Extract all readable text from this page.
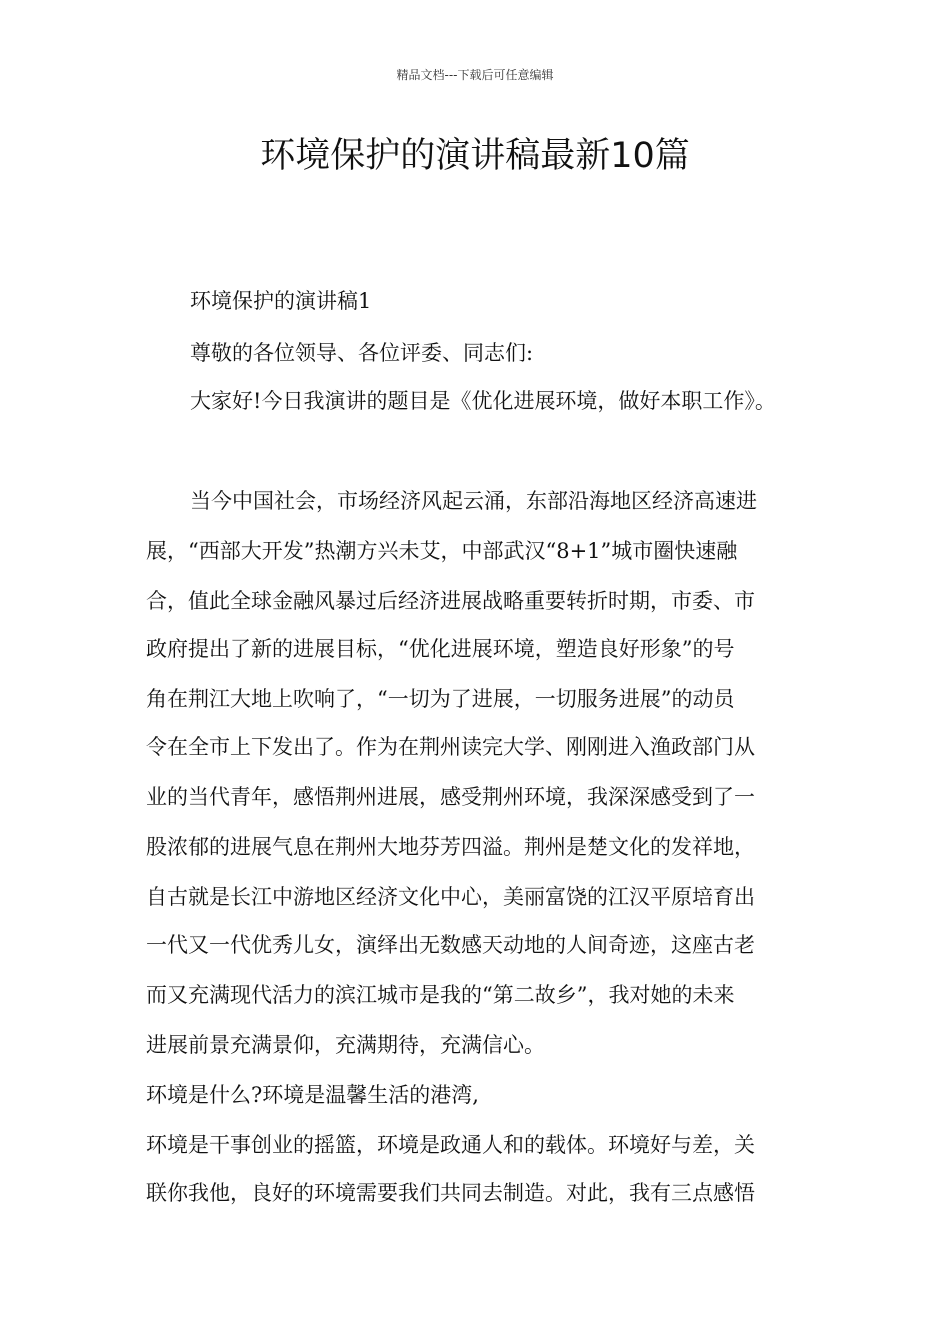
精品文档---下载后可任意编辑
环境保护的演讲稿最新10篇
环境保护的演讲稿1
尊敬的各位领导、各位评委、同志们:
大家好!今日我演讲的题目是《优化进展环境，做好本职工作》。
当今中国社会，市场经济风起云涌，东部沿海地区经济高速进
展，“西部大开发”热潮方兴未艾，中部武汉“8+1”城市圈快速融
合，值此全球金融风暴过后经济进展战略重要转折时期，市委、市
政府提出了新的进展目标，“优化进展环境，塑造良好形象”的号
角在荆江大地上吹响了，“一切为了进展，一切服务进展”的动员
令在全市上下发出了。作为在荆州读完大学、刚刚进入渔政部门从
业的当代青年，感悟荆州进展，感受荆州环境，我深深感受到了一
股浓郁的进展气息在荆州大地芬芳四溢。荆州是楚文化的发祥地，
自古就是长江中游地区经济文化中心，美丽富饶的江汉平原培育出
一代又一代优秀儿女，演绎出无数感天动地的人间奇迹，这座古老
而又充满现代活力的滨江城市是我的“第二故乡”，我对她的未来
进展前景充满景仰，充满期待，充满信心。
环境是什么?环境是温馨生活的港湾,
环境是干事创业的摇篮，环境是政通人和的载体。环境好与差，关
联你我他，良好的环境需要我们共同去制造。对此，我有三点感悟
